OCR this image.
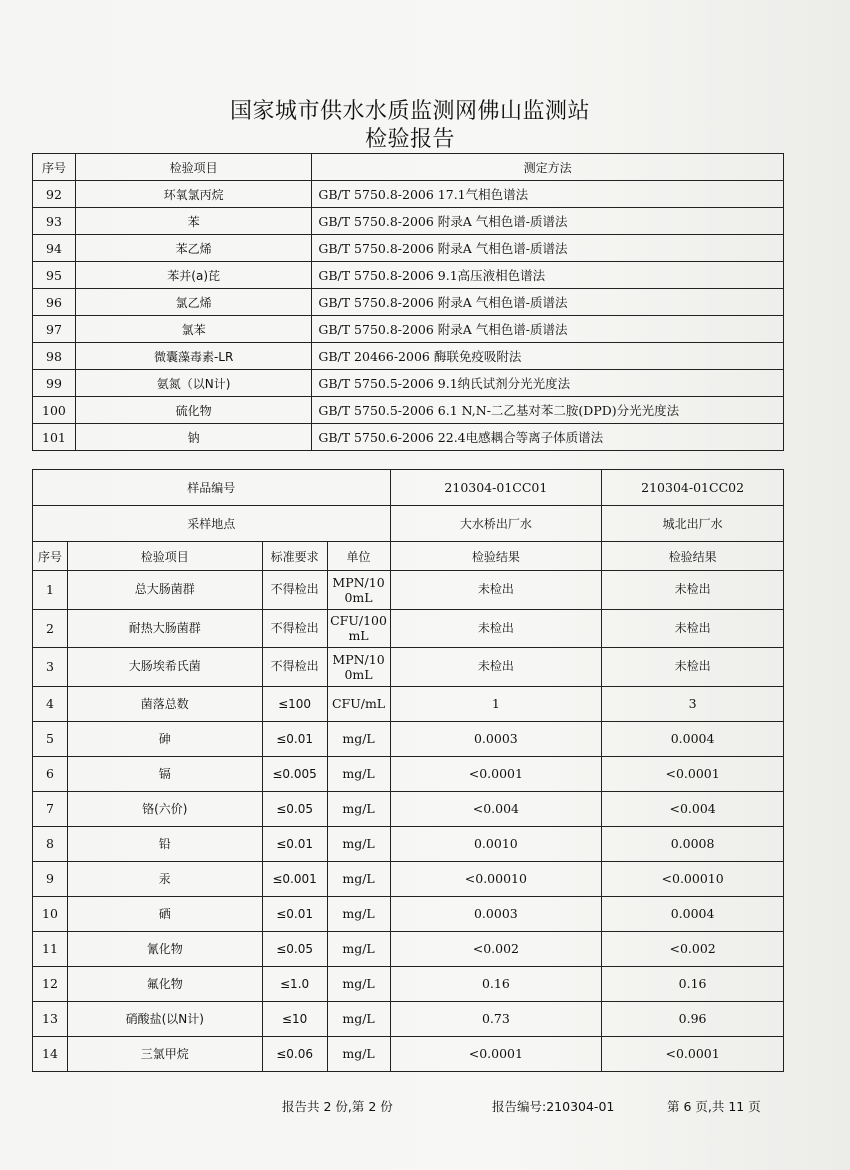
国家城市供水水质监测网佛山监测站
检验报告
序号	检验项目	测定方法
92	环氧氯丙烷	GB/T 5750.8-2006 17.1气相色谱法
93	苯	GB/T 5750.8-2006 附录A 气相色谱-质谱法
94	苯乙烯	GB/T 5750.8-2006 附录A 气相色谱-质谱法
95	苯并(a)芘	GB/T 5750.8-2006 9.1高压液相色谱法
96	氯乙烯	GB/T 5750.8-2006 附录A 气相色谱-质谱法
97	氯苯	GB/T 5750.8-2006 附录A 气相色谱-质谱法
98	微囊藻毒素-LR	GB/T 20466-2006 酶联免疫吸附法
99	氨氮（以N计)	GB/T 5750.5-2006 9.1纳氏试剂分光光度法
100	硫化物	GB/T 5750.5-2006 6.1 N,N-二乙基对苯二胺(DPD)分光光度法
101	钠	GB/T 5750.6-2006 22.4电感耦合等离子体质谱法
样品编号				210304-01CC01	210304-01CC02
采样地点				大水桥出厂水	城北出厂水
序号	检验项目	标准要求	单位	检验结果	检验结果
1	总大肠菌群	不得检出	MPN/10
0mL	未检出	未检出
2	耐热大肠菌群	不得检出	CFU/100
mL	未检出	未检出
3	大肠埃希氏菌	不得检出	MPN/10
0mL	未检出	未检出
4	菌落总数	≤100	CFU/mL	1	3
5	砷	≤0.01	mg/L	0.0003	0.0004
6	镉	≤0.005	mg/L	<0.0001	<0.0001
7	铬(六价)	≤0.05	mg/L	<0.004	<0.004
8	铅	≤0.01	mg/L	0.0010	0.0008
9	汞	≤0.001	mg/L	<0.00010	<0.00010
10	硒	≤0.01	mg/L	0.0003	0.0004
11	氰化物	≤0.05	mg/L	<0.002	<0.002
12	氟化物	≤1.0	mg/L	0.16	0.16
13	硝酸盐(以N计)	≤10	mg/L	0.73	0.96
14	三氯甲烷	≤0.06	mg/L	<0.0001	<0.0001
报告共 2 份,第 2 份	报告编号:210304-01	第 6 页,共 11 页
